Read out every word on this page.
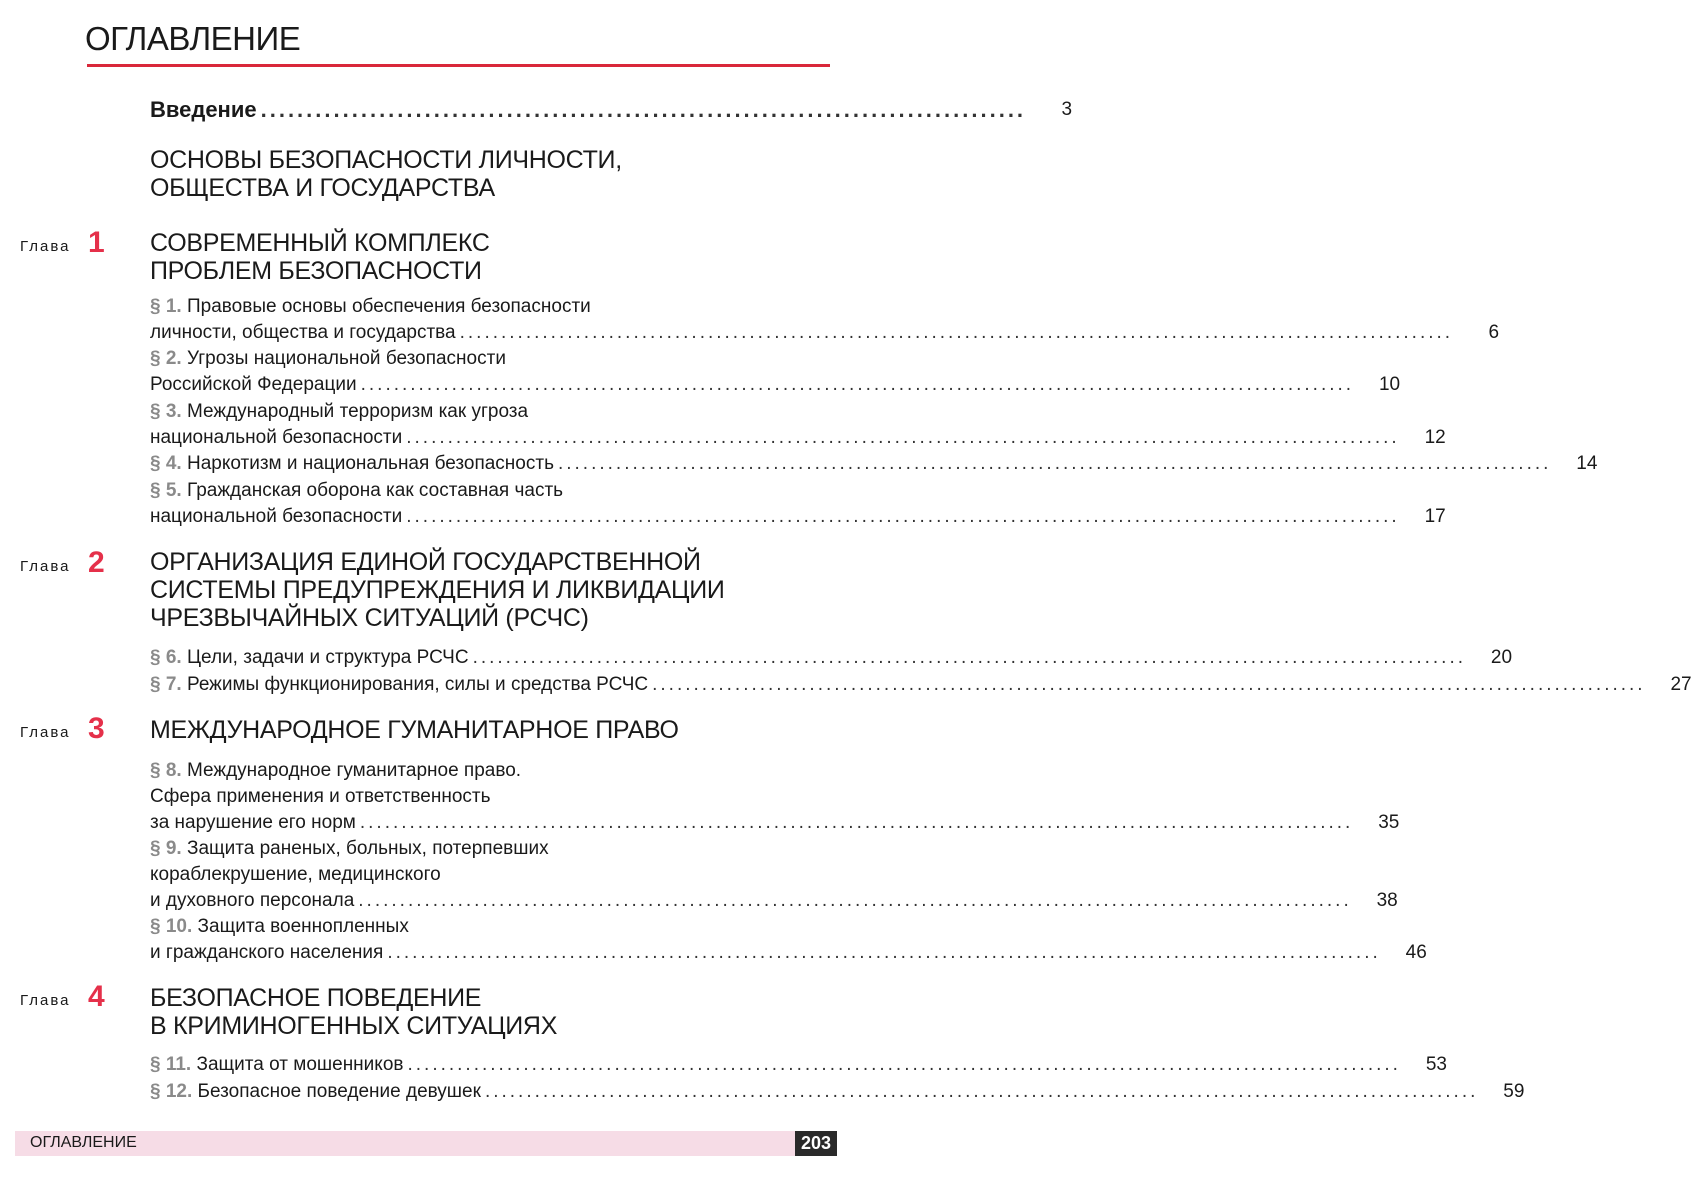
ОГЛАВЛЕНИЕ
Введение ....................................................................................	3
ОСНОВЫ БЕЗОПАСНОСТИ ЛИЧНОСТИ,
ОБЩЕСТВА И ГОСУДАРСТВА
Глава 1 СОВРЕМЕННЫЙ КОМПЛЕКС
ПРОБЛЕМ БЕЗОПАСНОСТИ
§ 1. Правовые основы обеспечения безопасности
личности, общества и государства ........................................................................................................................	6
§ 2. Угрозы национальной безопасности
Российской Федерации ........................................................................................................................	10
§ 3. Международный терроризм как угроза
национальной безопасности ........................................................................................................................	12
§ 4. Наркотизм и национальная безопасность ........................................................................................................................	14
§ 5. Гражданская оборона как составная часть
национальной безопасности ........................................................................................................................	17
Глава 2 ОРГАНИЗАЦИЯ ЕДИНОЙ ГОСУДАРСТВЕННОЙ
СИСТЕМЫ ПРЕДУПРЕЖДЕНИЯ И ЛИКВИДАЦИИ
ЧРЕЗВЫЧАЙНЫХ СИТУАЦИЙ (РСЧС)
§ 6. Цели, задачи и структура РСЧС ........................................................................................................................	20
§ 7. Режимы функционирования, силы и средства РСЧС ........................................................................................................................	27
Глава 3 МЕЖДУНАРОДНОЕ ГУМАНИТАРНОЕ ПРАВО
§ 8. Международное гуманитарное право.
Сфера применения и ответственность
за нарушение его норм ........................................................................................................................	35
§ 9. Защита раненых, больных, потерпевших
кораблекрушение, медицинского
и духовного персонала ........................................................................................................................	38
§ 10. Защита военнопленных
и гражданского населения ........................................................................................................................	46
Глава 4 БЕЗОПАСНОЕ ПОВЕДЕНИЕ
В КРИМИНОГЕННЫХ СИТУАЦИЯХ
§ 11. Защита от мошенников ........................................................................................................................	53
§ 12. Безопасное поведение девушек ........................................................................................................................	59
ОГЛАВЛЕНИЕ	203
